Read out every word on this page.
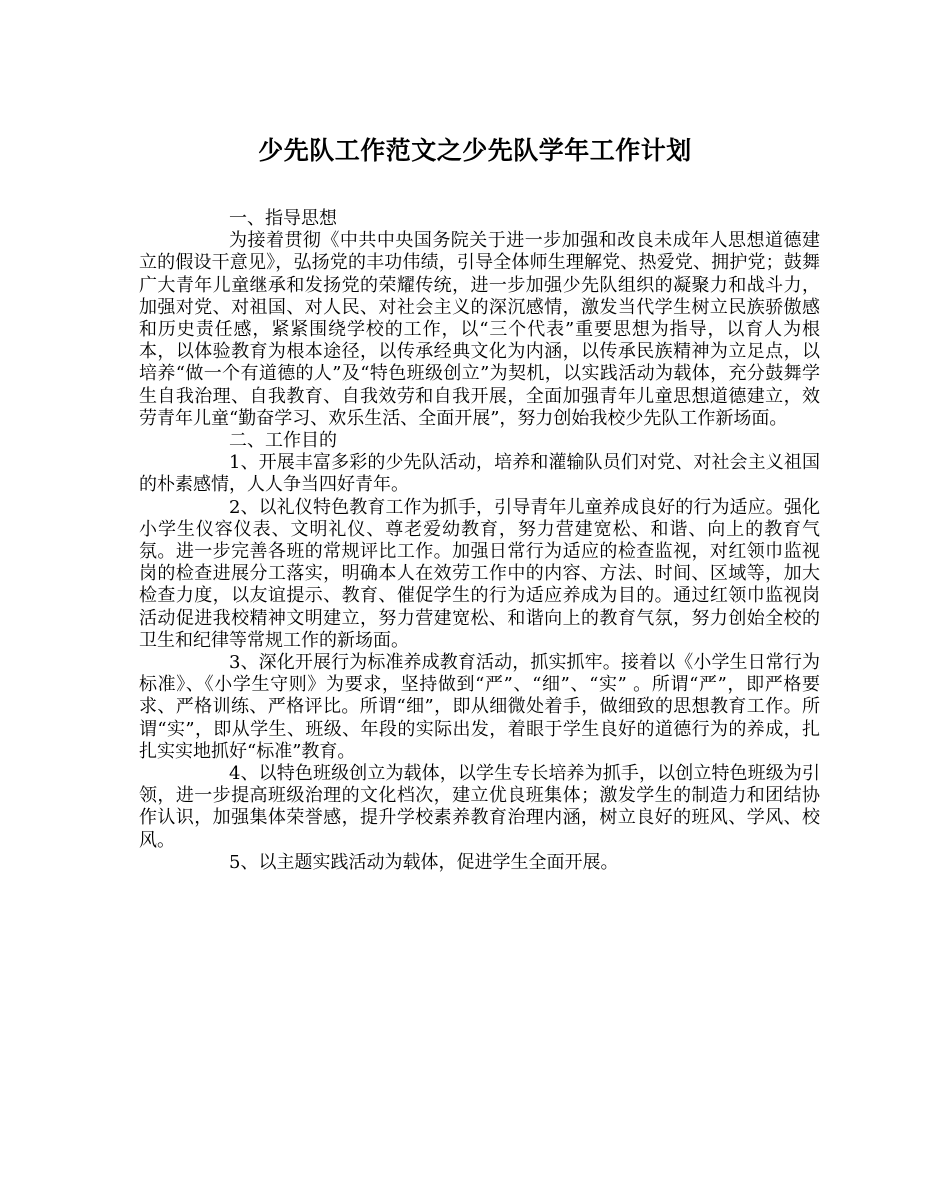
少先队工作范文之少先队学年工作计划

一、指导思想

为接着贯彻《中共中央国务院关于进一步加强和改良未成年人思想道德建立的假设干意见》，弘扬党的丰功伟绩，引导全体师生理解党、热爱党、拥护党；鼓舞广大青年儿童继承和发扬党的荣耀传统，进一步加强少先队组织的凝聚力和战斗力，加强对党、对祖国、对人民、对社会主义的深沉感情，激发当代学生树立民族骄傲感和历史责任感，紧紧围绕学校的工作，以“三个代表”重要思想为指导，以育人为根本，以体验教育为根本途径，以传承经典文化为内涵，以传承民族精神为立足点，以培养“做一个有道德的人”及“特色班级创立”为契机，以实践活动为载体，充分鼓舞学生自我治理、自我教育、自我效劳和自我开展，全面加强青年儿童思想道德建立，效劳青年儿童“勤奋学习、欢乐生活、全面开展”，努力创始我校少先队工作新场面。

二、工作目的

1、开展丰富多彩的少先队活动，培养和灌输队员们对党、对社会主义祖国的朴素感情，人人争当四好青年。

2、以礼仪特色教育工作为抓手，引导青年儿童养成良好的行为适应。强化小学生仪容仪表、文明礼仪、尊老爱幼教育，努力营建宽松、和谐、向上的教育气氛。进一步完善各班的常规评比工作。加强日常行为适应的检查监视，对红领巾监视岗的检查进展分工落实，明确本人在效劳工作中的内容、方法、时间、区域等，加大检查力度，以友谊提示、教育、催促学生的行为适应养成为目的。通过红领巾监视岗活动促进我校精神文明建立，努力营建宽松、和谐向上的教育气氛，努力创始全校的卫生和纪律等常规工作的新场面。

3、深化开展行为标准养成教育活动，抓实抓牢。接着以《小学生日常行为标准》、《小学生守则》为要求，坚持做到“严”、“细”、“实” 。所谓“严”，即严格要求、严格训练、严格评比。所谓“细”，即从细微处着手，做细致的思想教育工作。所谓“实”，即从学生、班级、年段的实际出发，着眼于学生良好的道德行为的养成，扎扎实实地抓好“标准”教育。

4、以特色班级创立为载体，以学生专长培养为抓手，以创立特色班级为引领，进一步提高班级治理的文化档次，建立优良班集体；激发学生的制造力和团结协作认识，加强集体荣誉感，提升学校素养教育治理内涵，树立良好的班风、学风、校风。

5、以主题实践活动为载体，促进学生全面开展。
